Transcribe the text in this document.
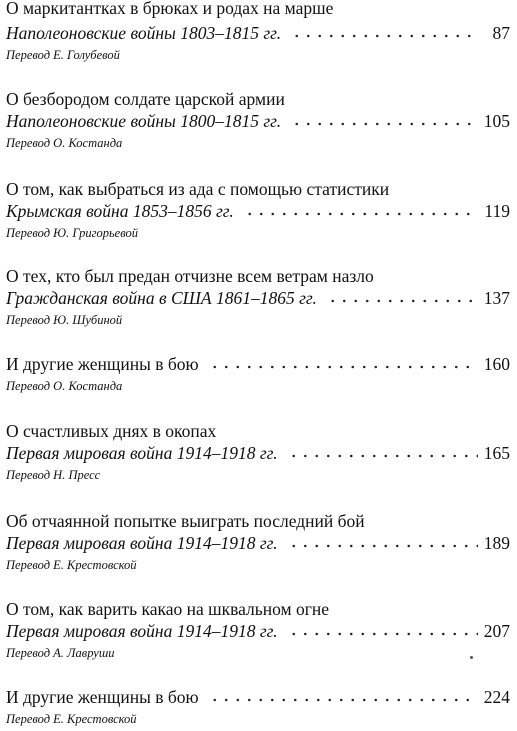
О маркитантках в брюках и родах на марше
Наполеоновские войны 1803–1815 гг.	87
Перевод Е. Голубевой
О безбородом солдате царской армии
Наполеоновские войны 1800–1815 гг.	105
Перевод О. Костанда
О том, как выбраться из ада с помощью статистики
Крымская война 1853–1856 гг.	119
Перевод Ю. Григорьевой
О тех, кто был предан отчизне всем ветрам назло
Гражданская война в США 1861–1865 гг.	137
Перевод Ю. Шубиной
И другие женщины в бою	160
Перевод О. Костанда
О счастливых днях в окопах
Первая мировая война 1914–1918 гг.	165
Перевод Н. Пресс
Об отчаянной попытке выиграть последний бой
Первая мировая война 1914–1918 гг.	189
Перевод Е. Крестовской
О том, как варить какао на шквальном огне
Первая мировая война 1914–1918 гг.	207
Перевод А. Лавруши
И другие женщины в бою	224
Перевод Е. Крестовской
